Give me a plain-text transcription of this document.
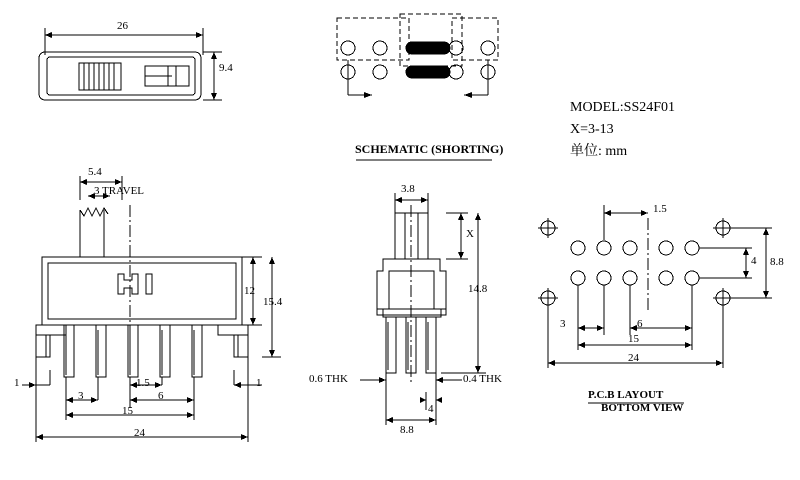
26
9.4
SCHEMATIC (SHORTING)
MODEL:SS24F01
X=3-13
单位: mm
5.4
3 TRAVEL
12
15.4
1	1
1.5
3	6
15
24
3.8
X
14.8
0.6 THK	0.4 THK
4
8.8
1.5
4 8.8
3	6
15
24
P.C.B LAYOUT
BOTTOM VIEW
